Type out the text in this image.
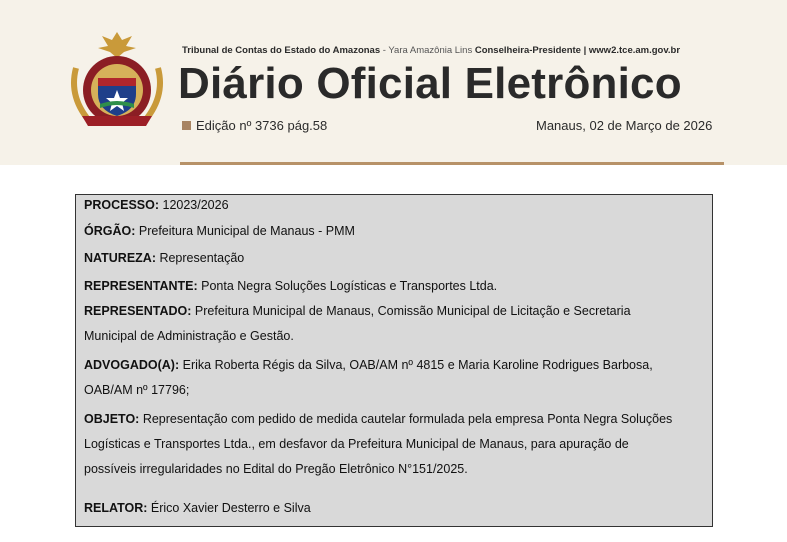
Tribunal de Contas do Estado do Amazonas - Yara Amazônia Lins Conselheira-Presidente | www2.tce.am.gov.br
Diário Oficial Eletrônico
Edição nº 3736 pág.58	Manaus, 02 de Março de 2026
PROCESSO: 12023/2026
ÓRGÃO: Prefeitura Municipal de Manaus - PMM
NATUREZA: Representação
REPRESENTANTE: Ponta Negra Soluções Logísticas e Transportes Ltda.
REPRESENTADO: Prefeitura Municipal de Manaus, Comissão Municipal de Licitação e Secretaria
Municipal de Administração e Gestão.
ADVOGADO(A): Erika Roberta Régis da Silva, OAB/AM nº 4815 e Maria Karoline Rodrigues Barbosa,
OAB/AM nº 17796;
OBJETO: Representação com pedido de medida cautelar formulada pela empresa Ponta Negra Soluções
Logísticas e Transportes Ltda., em desfavor da Prefeitura Municipal de Manaus, para apuração de
possíveis irregularidades no Edital do Pregão Eletrônico N°151/2025.
RELATOR: Érico Xavier Desterro e Silva
